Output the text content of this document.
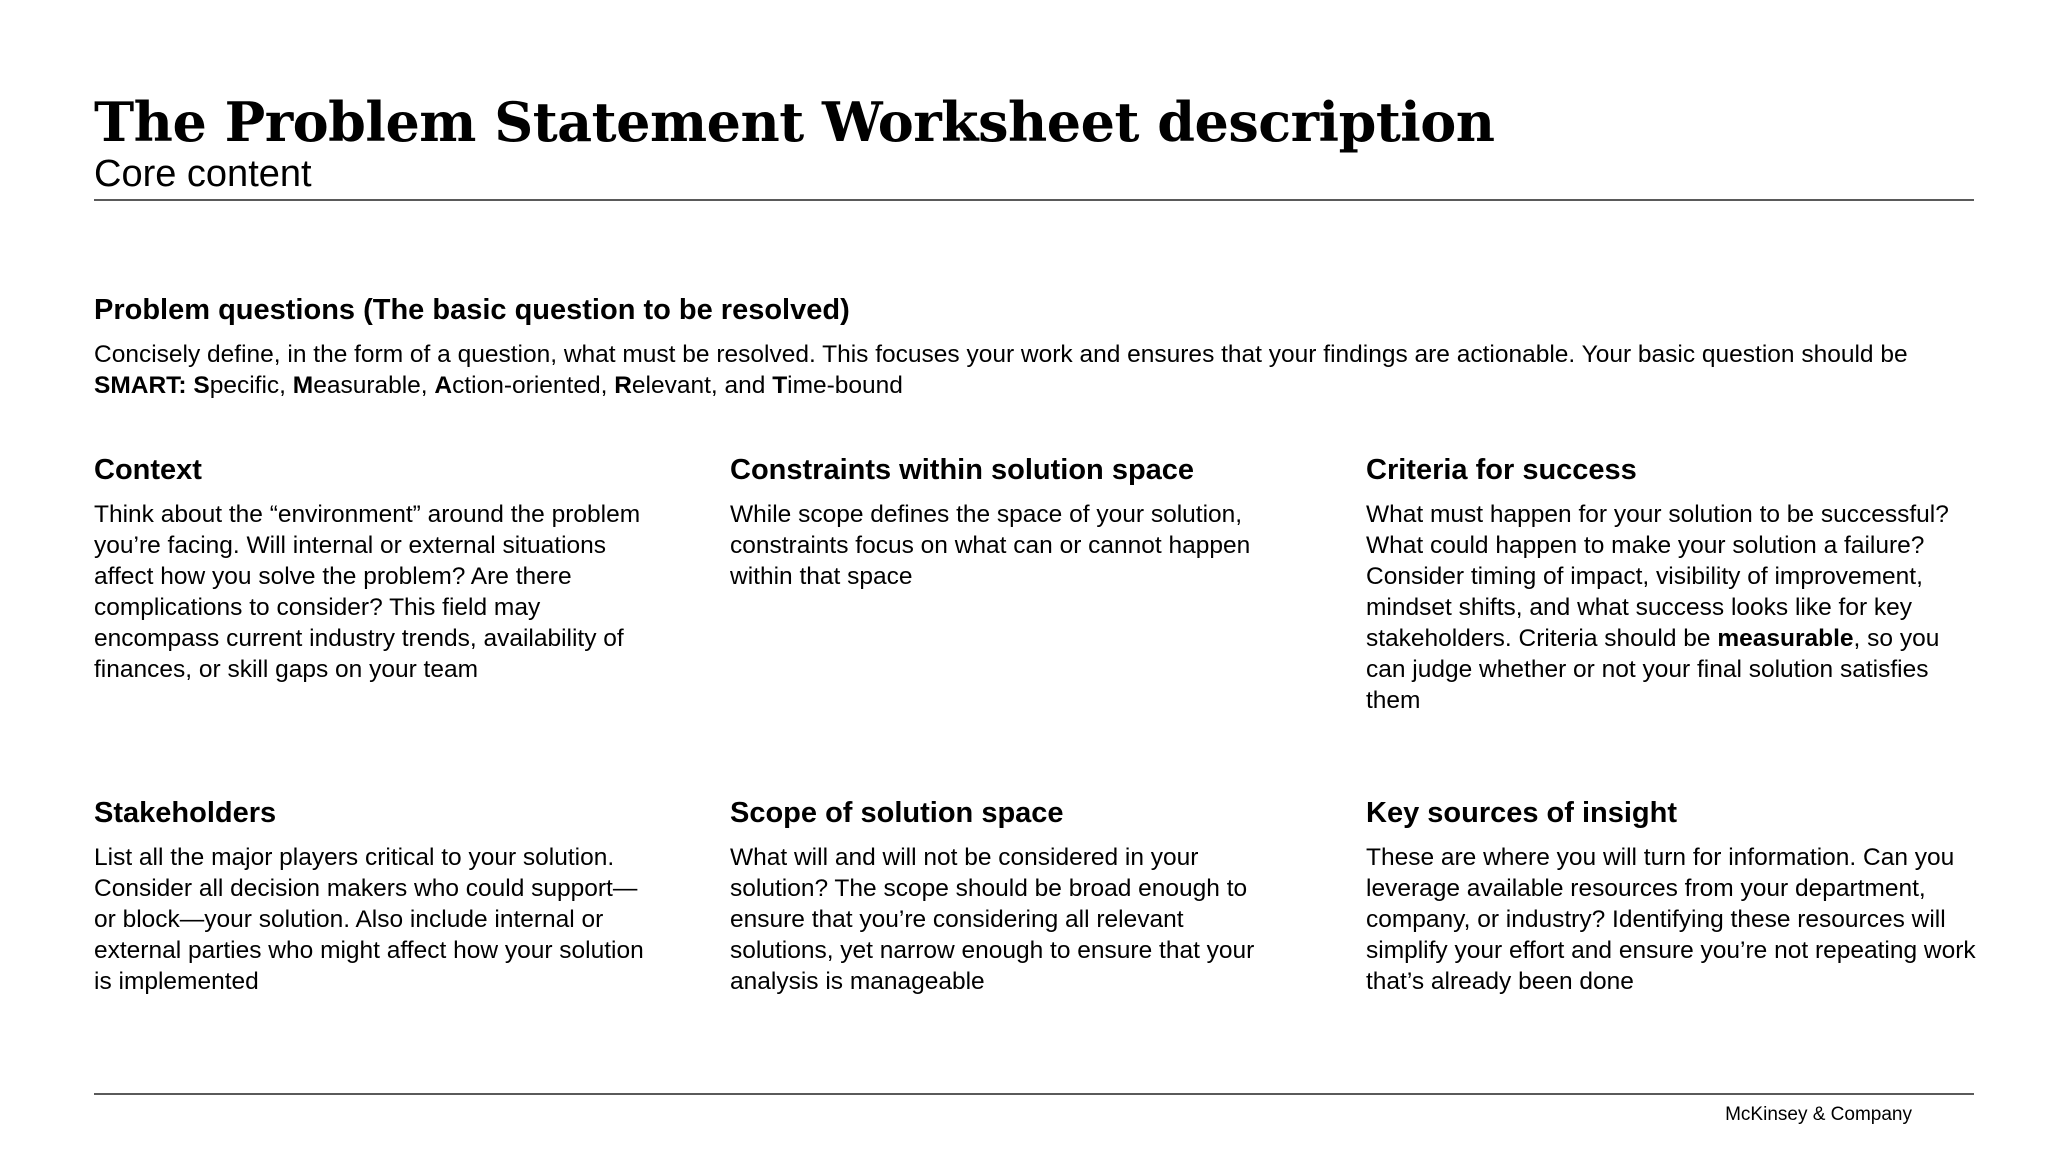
The Problem Statement Worksheet description
Core content
Problem questions (The basic question to be resolved)

Concisely define, in the form of a question, what must be resolved. This focuses your work and ensures that your findings are actionable. Your basic question should be SMART: Specific, Measurable, Action-oriented, Relevant, and Time-bound

Context

Think about the “environment” around the problem you’re facing. Will internal or external situations affect how you solve the problem? Are there complications to consider? This field may encompass current industry trends, availability of finances, or skill gaps on your team

Constraints within solution space

While scope defines the space of your solution, constraints focus on what can or cannot happen within that space

Criteria for success

What must happen for your solution to be successful? What could happen to make your solution a failure? Consider timing of impact, visibility of improvement, mindset shifts, and what success looks like for key stakeholders. Criteria should be measurable, so you can judge whether or not your final solution satisfies them

Stakeholders

List all the major players critical to your solution. Consider all decision makers who could support—or block—your solution. Also include internal or external parties who might affect how your solution is implemented

Scope of solution space

What will and will not be considered in your solution? The scope should be broad enough to ensure that you’re considering all relevant solutions, yet narrow enough to ensure that your analysis is manageable

Key sources of insight

These are where you will turn for information. Can you leverage available resources from your department, company, or industry? Identifying these resources will simplify your effort and ensure you’re not repeating work that’s already been done

McKinsey & Company
